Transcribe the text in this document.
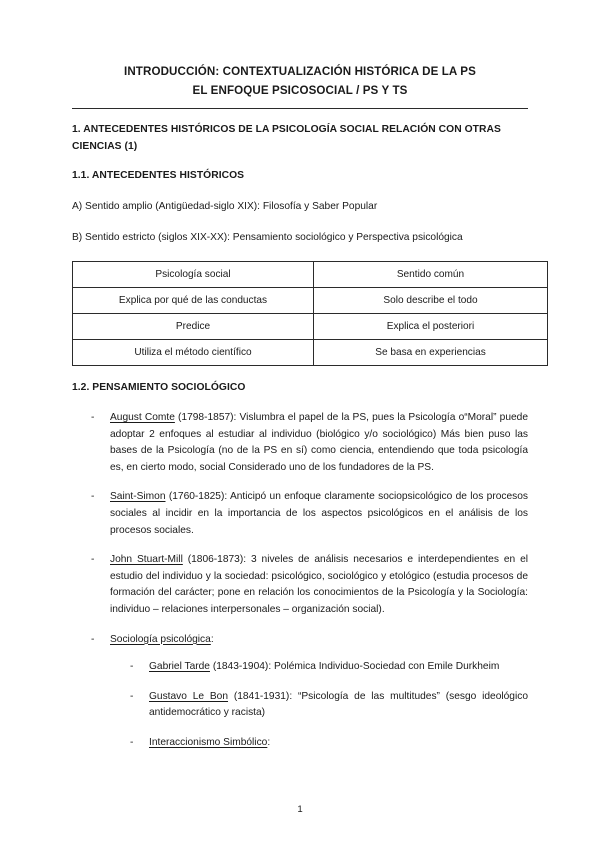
INTRODUCCIÓN: CONTEXTUALIZACIÓN HISTÓRICA DE LA PS
EL ENFOQUE PSICOSOCIAL / PS Y TS
1. ANTECEDENTES HISTÓRICOS DE LA PSICOLOGÍA SOCIAL RELACIÓN CON OTRAS CIENCIAS (1)
1.1. ANTECEDENTES HISTÓRICOS
A) Sentido amplio (Antigüedad-siglo XIX): Filosofía y Saber Popular
B) Sentido estricto (siglos XIX-XX): Pensamiento sociológico y Perspectiva psicológica
Psicología social	Sentido común
Explica por qué de las conductas	Solo describe el todo
Predice	Explica el posteriori
Utiliza el método científico	Se basa en experiencias
1.2. PENSAMIENTO SOCIOLÓGICO
- August Comte (1798-1857): Vislumbra el papel de la PS, pues la Psicología o“Moral” puede adoptar 2 enfoques al estudiar al individuo (biológico y/o sociológico) Más bien puso las bases de la Psicología (no de la PS en sí) como ciencia, entendiendo que toda psicología es, en cierto modo, social Considerado uno de los fundadores de la PS.
- Saint-Simon (1760-1825): Anticipó un enfoque claramente sociopsicológico de los procesos sociales al incidir en la importancia de los aspectos psicológicos en el análisis de los procesos sociales.
- John Stuart-Mill (1806-1873): 3 niveles de análisis necesarios e interdependientes en el estudio del individuo y la sociedad: psicológico, sociológico y etológico (estudia procesos de formación del carácter; pone en relación los conocimientos de la Psicología y la Sociología: individuo – relaciones interpersonales – organización social).
- Sociología psicológica:
- Gabriel Tarde (1843-1904): Polémica Individuo-Sociedad con Emile Durkheim
- Gustavo Le Bon (1841-1931): “Psicología de las multitudes” (sesgo ideológico antidemocrático y racista)
- Interaccionismo Simbólico:
1
